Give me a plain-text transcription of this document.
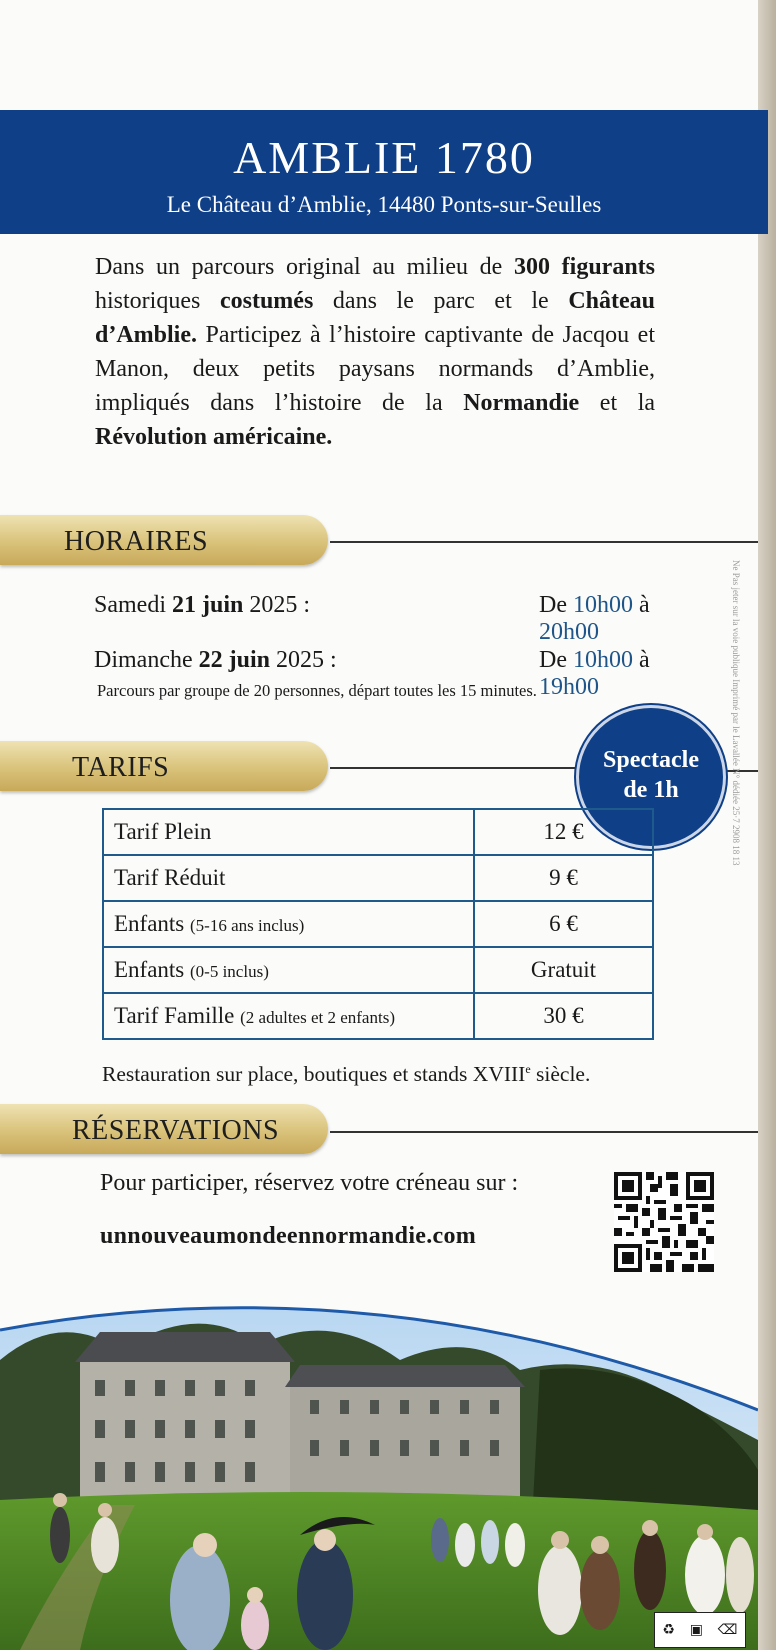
AMBLIE 1780
Le Château d’Amblie, 14480 Ponts-sur-Seulles
Dans un parcours original au milieu de 300 figurants historiques costumés dans le parc et le Château d’Amblie. Participez à l’histoire captivante de Jacqou et Manon, deux petits paysans normands d’Amblie, impliqués dans l’histoire de la Normandie et la Révolution américaine.
HORAIRES
Samedi 21 juin 2025 :	De 10h00 à 20h00
Dimanche 22 juin 2025 :	De 10h00 à 19h00
Parcours par groupe de 20 personnes, départ toutes les 15 minutes.
TARIFS	Spectacle
de 1h
Tarif Plein	12 €
Tarif Réduit	9 €
Enfants (5-16 ans inclus)	6 €
Enfants (0-5 inclus)	Gratuit
Tarif Famille (2 adultes et 2 enfants)	30 €
Restauration sur place, boutiques et stands XVIIIe siècle.
RÉSERVATIONS
Pour participer, réservez votre créneau sur :
unnouveaumondeennormandie.com
Ne Pas jeter sur la voie publique Imprimé par le Lavallée N° dédiée 25·7 2908 18 13
♻ ▣ ⌫
